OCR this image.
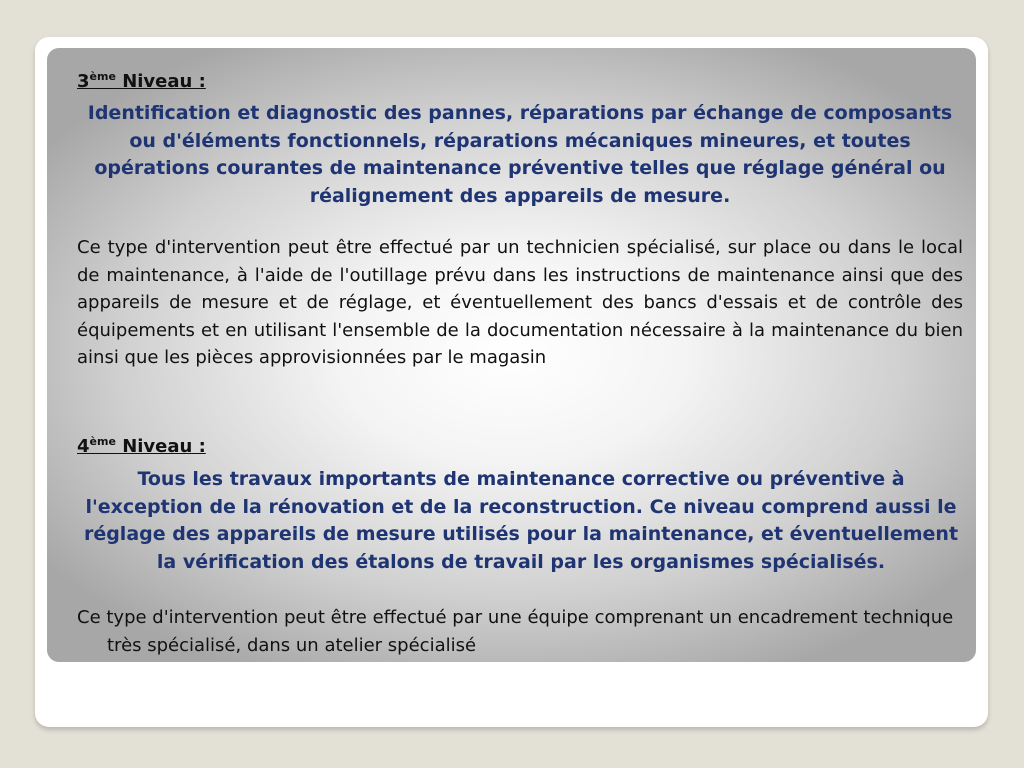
3ème Niveau :
Identification et diagnostic des pannes, réparations par échange de composants ou d'éléments fonctionnels, réparations mécaniques mineures, et toutes opérations courantes de maintenance préventive telles que réglage général ou réalignement des appareils de mesure.
Ce type d'intervention peut être effectué par un technicien spécialisé, sur place ou dans le local de maintenance, à l'aide de l'outillage prévu dans les instructions de maintenance ainsi que des appareils de mesure et de réglage, et éventuellement des bancs d'essais et de contrôle des équipements et en utilisant l'ensemble de la documentation nécessaire à la maintenance du bien ainsi que les pièces approvisionnées par le magasin
4ème Niveau :
Tous les travaux importants de maintenance corrective ou préventive à l'exception de la rénovation et de la reconstruction. Ce niveau comprend aussi le réglage des appareils de mesure utilisés pour la maintenance, et éventuellement la vérification des étalons de travail par les organismes spécialisés.
Ce type d'intervention peut être effectué par une équipe comprenant un encadrement technique très spécialisé, dans un atelier spécialisé
